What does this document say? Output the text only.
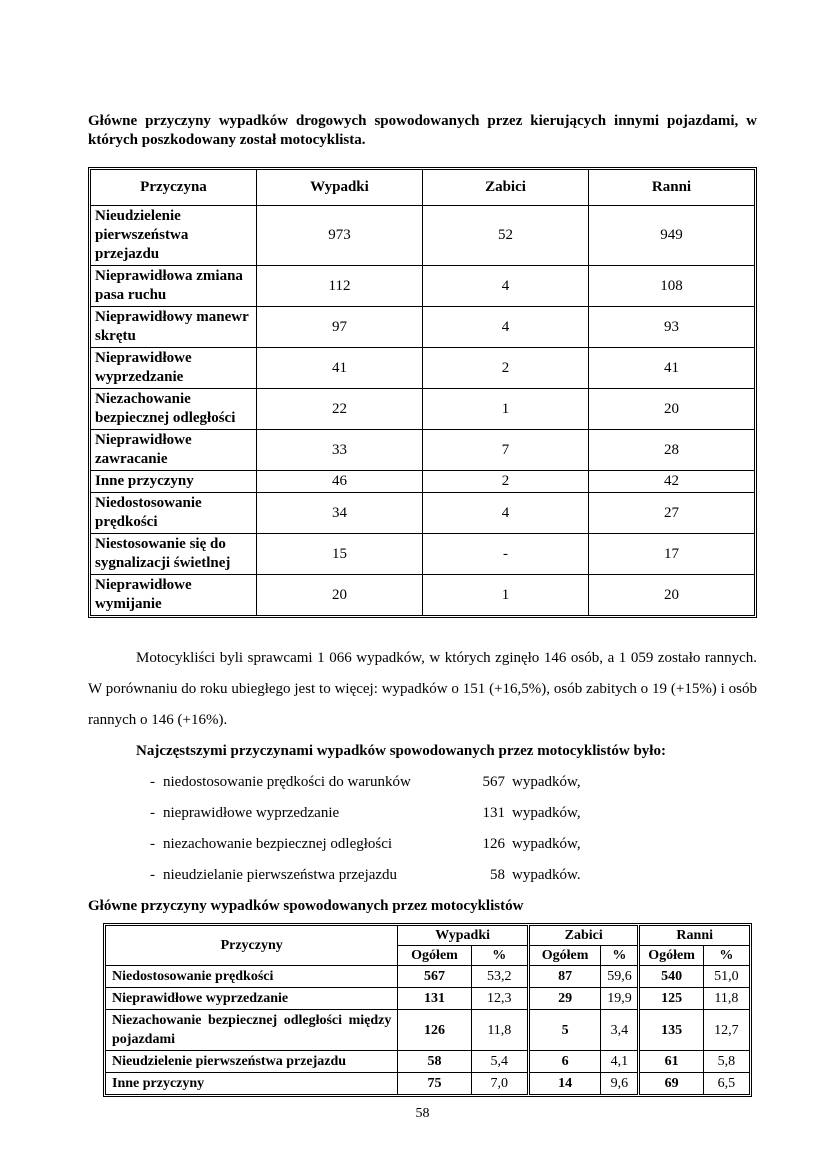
Główne przyczyny wypadków drogowych spowodowanych przez kierujących innymi pojazdami, w których poszkodowany został motocyklista.
Przyczyna	Wypadki	Zabici	Ranni
Nieudzielenie pierwszeństwa przejazdu	973	52	949
Nieprawidłowa zmiana pasa ruchu	112	4	108
Nieprawidłowy manewr skrętu	97	4	93
Nieprawidłowe wyprzedzanie	41	2	41
Niezachowanie bezpiecznej odległości	22	1	20
Nieprawidłowe zawracanie	33	7	28
Inne przyczyny	46	2	42
Niedostosowanie prędkości	34	4	27
Niestosowanie się do sygnalizacji świetlnej	15	-	17
Nieprawidłowe wymijanie	20	1	20
Motocykliści byli sprawcami 1 066 wypadków, w których zginęło 146 osób, a 1 059 zostało rannych. W porównaniu do roku ubiegłego jest to więcej: wypadków o 151 (+16,5%), osób zabitych o 19 (+15%) i osób rannych o 146 (+16%).
Najczęstszymi przyczynami wypadków spowodowanych przez motocyklistów było:
- niedostosowanie prędkości do warunków	567 wypadków,
- nieprawidłowe wyprzedzanie	131 wypadków,
- niezachowanie bezpiecznej odległości	126 wypadków,
- nieudzielanie pierwszeństwa przejazdu	58 wypadków.
Główne przyczyny wypadków spowodowanych przez motocyklistów
Przyczyny	Wypadki		Zabici		Ranni	
	Ogółem	%	Ogółem	%	Ogółem	%
Niedostosowanie prędkości	567	53,2	87	59,6	540	51,0
Nieprawidłowe wyprzedzanie	131	12,3	29	19,9	125	11,8
Niezachowanie bezpiecznej odległości między pojazdami	126	11,8	5	3,4	135	12,7
Nieudzielenie pierwszeństwa przejazdu	58	5,4	6	4,1	61	5,8
Inne przyczyny	75	7,0	14	9,6	69	6,5
58
